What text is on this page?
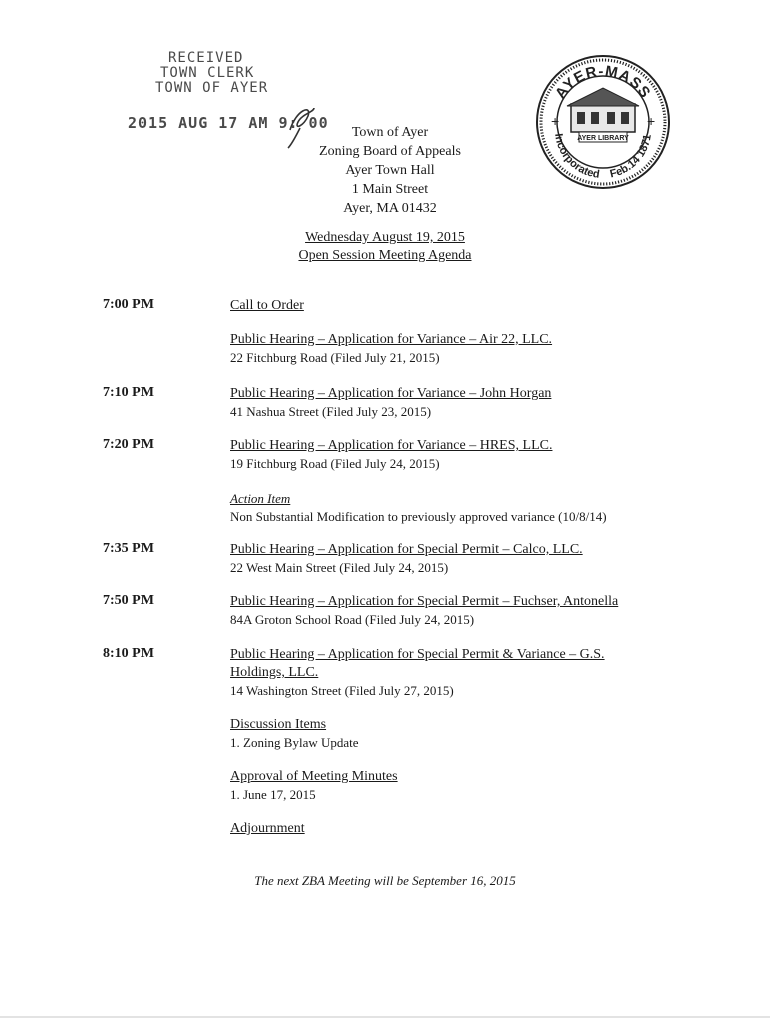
RECEIVED
TOWN CLERK
TOWN OF AYER
2015 AUG 17 AM 9: 00
AYER-MASS
Incorporated Feb.14 1871
AYER LIBRARY
+	+
Town of Ayer
Zoning Board of Appeals
Ayer Town Hall
1 Main Street
Ayer, MA 01432
Wednesday August 19, 2015
Open Session Meeting Agenda
7:00 PM	Call to Order
Public Hearing – Application for Variance – Air 22, LLC.
22 Fitchburg Road (Filed July 21, 2015)
7:10 PM	Public Hearing – Application for Variance – John Horgan
41 Nashua Street (Filed July 23, 2015)
7:20 PM	Public Hearing – Application for Variance – HRES, LLC.
19 Fitchburg Road (Filed July 24, 2015)
Action Item
Non Substantial Modification to previously approved variance (10/8/14)
7:35 PM	Public Hearing – Application for Special Permit – Calco, LLC.
22 West Main Street (Filed July 24, 2015)
7:50 PM	Public Hearing – Application for Special Permit – Fuchser, Antonella
84A Groton School Road (Filed July 24, 2015)
8:10 PM	Public Hearing – Application for Special Permit & Variance – G.S.
Holdings, LLC.
14 Washington Street (Filed July 27, 2015)
Discussion Items
1. Zoning Bylaw Update
Approval of Meeting Minutes
1. June 17, 2015
Adjournment
The next ZBA Meeting will be September 16, 2015
